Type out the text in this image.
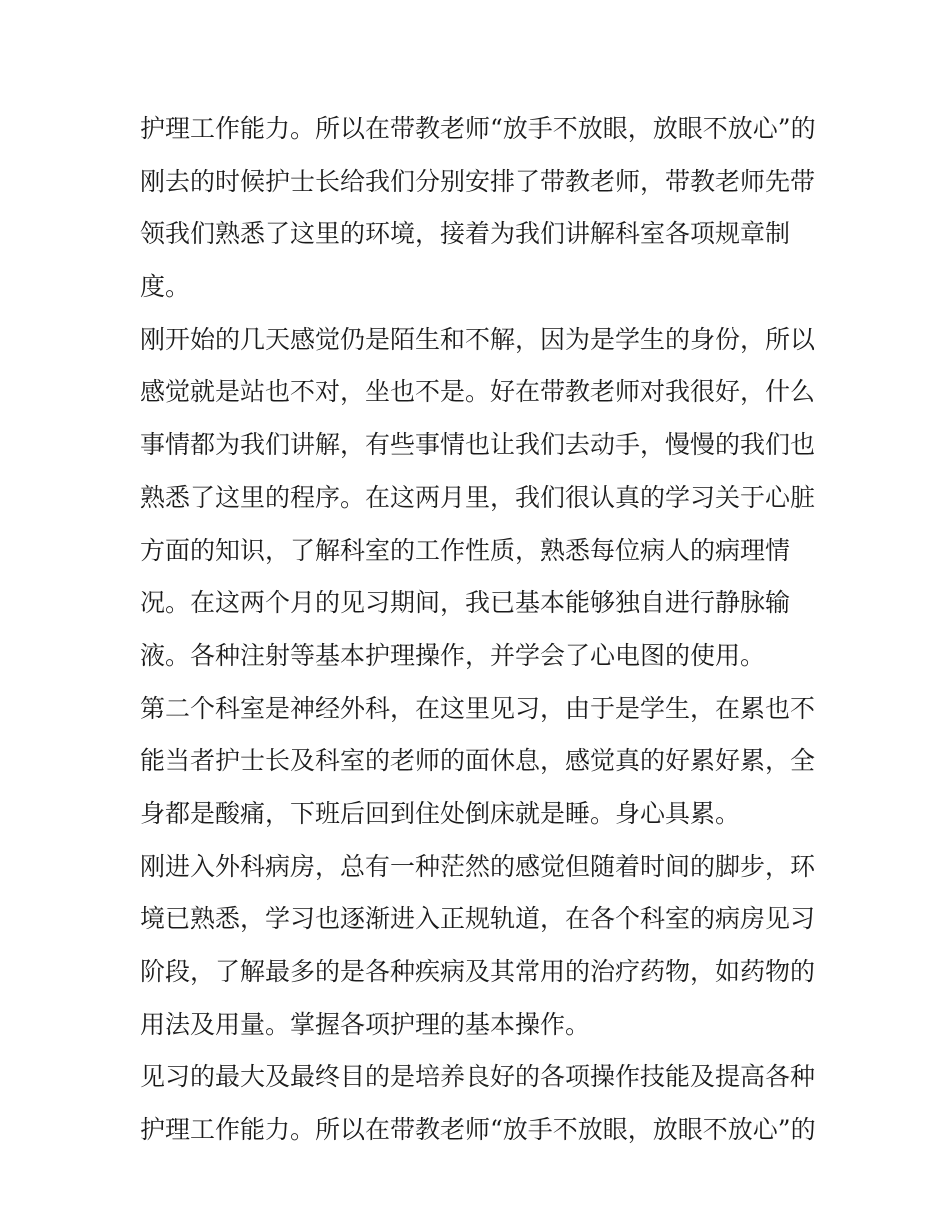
护理工作能力。所以在带教老师“放手不放眼，放眼不放心”的
刚去的时候护士长给我们分别安排了带教老师，带教老师先带
领我们熟悉了这里的环境，接着为我们讲解科室各项规章制
度。
刚开始的几天感觉仍是陌生和不解，因为是学生的身份，所以
感觉就是站也不对，坐也不是。好在带教老师对我很好，什么
事情都为我们讲解，有些事情也让我们去动手，慢慢的我们也
熟悉了这里的程序。在这两月里，我们很认真的学习关于心脏
方面的知识，了解科室的工作性质，熟悉每位病人的病理情
况。在这两个月的见习期间，我已基本能够独自进行静脉输
液。各种注射等基本护理操作，并学会了心电图的使用。
第二个科室是神经外科，在这里见习，由于是学生，在累也不
能当者护士长及科室的老师的面休息，感觉真的好累好累，全
身都是酸痛，下班后回到住处倒床就是睡。身心具累。
刚进入外科病房，总有一种茫然的感觉但随着时间的脚步，环
境已熟悉，学习也逐渐进入正规轨道，在各个科室的病房见习
阶段，了解最多的是各种疾病及其常用的治疗药物，如药物的
用法及用量。掌握各项护理的基本操作。
见习的最大及最终目的是培养良好的各项操作技能及提高各种
护理工作能力。所以在带教老师“放手不放眼，放眼不放心”的
